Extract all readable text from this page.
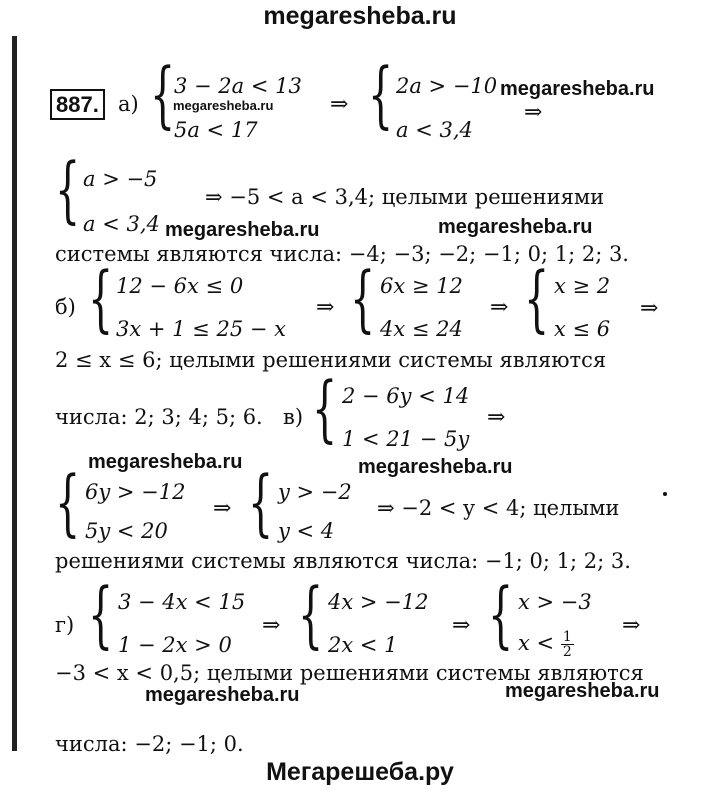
megaresheba.ru
Мегарешеба.ру
887. а) {
3 − 2a < 13
5a < 17
megaresheba.ru	⇒ { 2a > −10
a < 3,4
megaresheba.ru
⇒
{ a > −5
a < 3,4
⇒ −5 < a < 3,4; целыми решениями
megaresheba.ru	megaresheba.ru
системы являются числа: −4; −3; −2; −1; 0; 1; 2; 3.
б) { 12 − 6x ≤ 0
3x + 1 ≤ 25 − x
⇒ { 6x ≥ 12
4x ≤ 24
⇒ { x ≥ 2
x ≤ 6
⇒
2 ≤ x ≤ 6; целыми решениями системы являются
числа: 2; 3; 4; 5; 6. в) { 2 − 6y < 14
1 < 21 − 5y
⇒
megaresheba.ru	megaresheba.ru
{ 6y > −12
5y < 20
⇒ { y > −2
y < 4
⇒ −2 < y < 4; целыми
решениями системы являются числа: −1; 0; 1; 2; 3.
г) { 3 − 4x < 15
1 − 2x > 0
⇒ { 4x > −12
2x < 1
⇒ { x > −3
$x < \frac{1}{2}$
⇒
−3 < x < 0,5; целыми решениями системы являются
megaresheba.ru	megaresheba.ru
числа: −2; −1; 0.
